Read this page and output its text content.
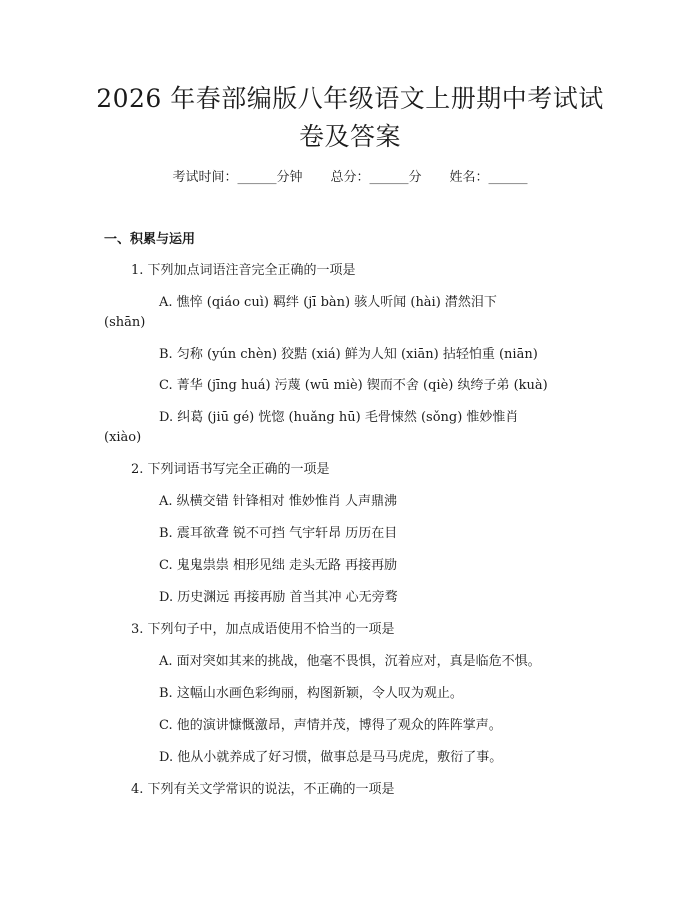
2026 年春部编版八年级语文上册期中考试试
卷及答案
考试时间：______分钟 总分：______分 姓名：______
一、积累与运用
1. 下列加点词语注音完全正确的一项是
A. 憔悴 (qiáo cuì) 羁绊 (jī bàn) 骇人听闻 (hài) 潸然泪下
(shān)
B. 匀称 (yún chèn) 狡黠 (xiá) 鲜为人知 (xiān) 拈轻怕重 (niān)
C. 菁华 (jīng huá) 污蔑 (wū miè) 锲而不舍 (qiè) 纨绔子弟 (kuà)
D. 纠葛 (jiū gé) 恍惚 (huǎng hū) 毛骨悚然 (sǒng) 惟妙惟肖
(xiào)
2. 下列词语书写完全正确的一项是
A. 纵横交错 针锋相对 惟妙惟肖 人声鼎沸
B. 震耳欲聋 锐不可挡 气宇轩昂 历历在目
C. 鬼鬼祟祟 相形见绌 走头无路 再接再励
D. 历史渊远 再接再励 首当其冲 心无旁骛
3. 下列句子中，加点成语使用不恰当的一项是
A. 面对突如其来的挑战，他毫不畏惧，沉着应对，真是临危不惧。
B. 这幅山水画色彩绚丽，构图新颖，令人叹为观止。
C. 他的演讲慷慨激昂，声情并茂，博得了观众的阵阵掌声。
D. 他从小就养成了好习惯，做事总是马马虎虎，敷衍了事。
4. 下列有关文学常识的说法，不正确的一项是
